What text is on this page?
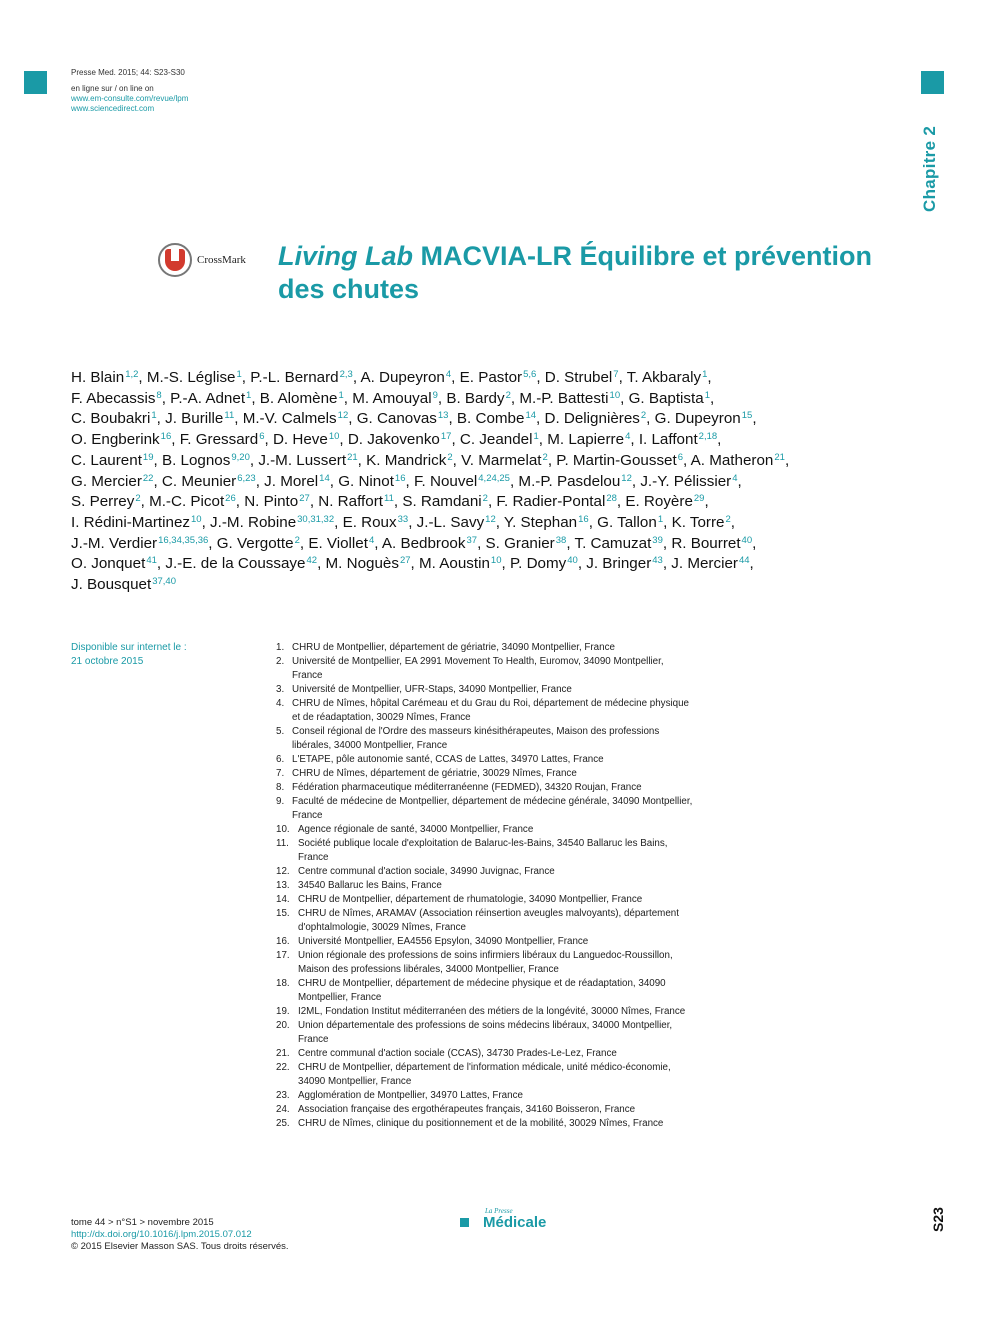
Presse Med. 2015; 44: S23-S30
en ligne sur / on line on
www.em-consulte.com/revue/lpm
www.sciencedirect.com
Chapitre 2
CrossMark Living Lab MACVIA-LR Équilibre et prévention
des chutes
H. Blain$^{1,2}$, M.-S. Léglise$^1$, P.-L. Bernard$^{2,3}$, A. Dupeyron$^4$, E. Pastor$^{5,6}$, D. Strubel$^7$, T. Akbaraly$^1$,
F. Abecassis$^8$, P.-A. Adnet$^1$, B. Alomène$^1$, M. Amouyal$^9$, B. Bardy$^2$, M.-P. Battesti$^{10}$, G. Baptista$^1$,
C. Boubakri$^1$, J. Burille$^{11}$, M.-V. Calmels$^{12}$, G. Canovas$^{13}$, B. Combe$^{14}$, D. Delignières$^2$, G. Dupeyron$^{15}$,
O. Engberink$^{16}$, F. Gressard$^6$, D. Heve$^{10}$, D. Jakovenko$^{17}$, C. Jeandel$^1$, M. Lapierre$^4$, I. Laffont$^{2,18}$,
C. Laurent$^{19}$, B. Lognos$^{9,20}$, J.-M. Lussert$^{21}$, K. Mandrick$^2$, V. Marmelat$^2$, P. Martin-Gousset$^6$, A. Matheron$^{21}$,
G. Mercier$^{22}$, C. Meunier$^{6,23}$, J. Morel$^{14}$, G. Ninot$^{16}$, F. Nouvel$^{4,24,25}$, M.-P. Pasdelou$^{12}$, J.-Y. Pélissier$^4$,
S. Perrey$^2$, M.-C. Picot$^{26}$, N. Pinto$^{27}$, N. Raffort$^{11}$, S. Ramdani$^2$, F. Radier-Pontal$^{28}$, E. Royère$^{29}$,
I. Rédini-Martinez$^{10}$, J.-M. Robine$^{30,31,32}$, E. Roux$^{33}$, J.-L. Savy$^{12}$, Y. Stephan$^{16}$, G. Tallon$^1$, K. Torre$^2$,
J.-M. Verdier$^{16,34,35,36}$, G. Vergotte$^2$, E. Viollet$^4$, A. Bedbrook$^{37}$, S. Granier$^{38}$, T. Camuzat$^{39}$, R. Bourret$^{40}$,
O. Jonquet$^{41}$, J.-E. de la Coussaye$^{42}$, M. Noguès$^{27}$, M. Aoustin$^{10}$, P. Domy$^{40}$, J. Bringer$^{43}$, J. Mercier$^{44}$,
J. Bousquet$^{37,40}$
Disponible sur internet le :
21 octobre 2015
1. CHRU de Montpellier, département de gériatrie, 34090 Montpellier, France
2. Université de Montpellier, EA 2991 Movement To Health, Euromov, 34090 Montpellier, France
3. Université de Montpellier, UFR-Staps, 34090 Montpellier, France
4. CHRU de Nîmes, hôpital Carémeau et du Grau du Roi, département de médecine physique et de réadaptation, 30029 Nîmes, France
5. Conseil régional de l'Ordre des masseurs kinésithérapeutes, Maison des professions libérales, 34000 Montpellier, France
6. L'ETAPE, pôle autonomie santé, CCAS de Lattes, 34970 Lattes, France
7. CHRU de Nîmes, département de gériatrie, 30029 Nîmes, France
8. Fédération pharmaceutique méditerranéenne (FEDMED), 34320 Roujan, France
9. Faculté de médecine de Montpellier, département de médecine générale, 34090 Montpellier, France
10. Agence régionale de santé, 34000 Montpellier, France
11. Société publique locale d'exploitation de Balaruc-les-Bains, 34540 Ballaruc les Bains, France
12. Centre communal d'action sociale, 34990 Juvignac, France
13. 34540 Ballaruc les Bains, France
14. CHRU de Montpellier, département de rhumatologie, 34090 Montpellier, France
15. CHRU de Nîmes, ARAMAV (Association réinsertion aveugles malvoyants), département d'ophtalmologie, 30029 Nîmes, France
16. Université Montpellier, EA4556 Epsylon, 34090 Montpellier, France
17. Union régionale des professions de soins infirmiers libéraux du Languedoc-Roussillon, Maison des professions libérales, 34000 Montpellier, France
18. CHRU de Montpellier, département de médecine physique et de réadaptation, 34090 Montpellier, France
19. I2ML, Fondation Institut méditerranéen des métiers de la longévité, 30000 Nîmes, France
20. Union départementale des professions de soins médecins libéraux, 34000 Montpellier, France
21. Centre communal d'action sociale (CCAS), 34730 Prades-Le-Lez, France
22. CHRU de Montpellier, département de l'information médicale, unité médico-économie, 34090 Montpellier, France
23. Agglomération de Montpellier, 34970 Lattes, France
24. Association française des ergothérapeutes français, 34160 Boisseron, France
25. CHRU de Nîmes, clinique du positionnement et de la mobilité, 30029 Nîmes, France
tome 44 > n°S1 > novembre 2015
http://dx.doi.org/10.1016/j.lpm.2015.07.012
© 2015 Elsevier Masson SAS. Tous droits réservés.
La Presse
Médicale	S23
